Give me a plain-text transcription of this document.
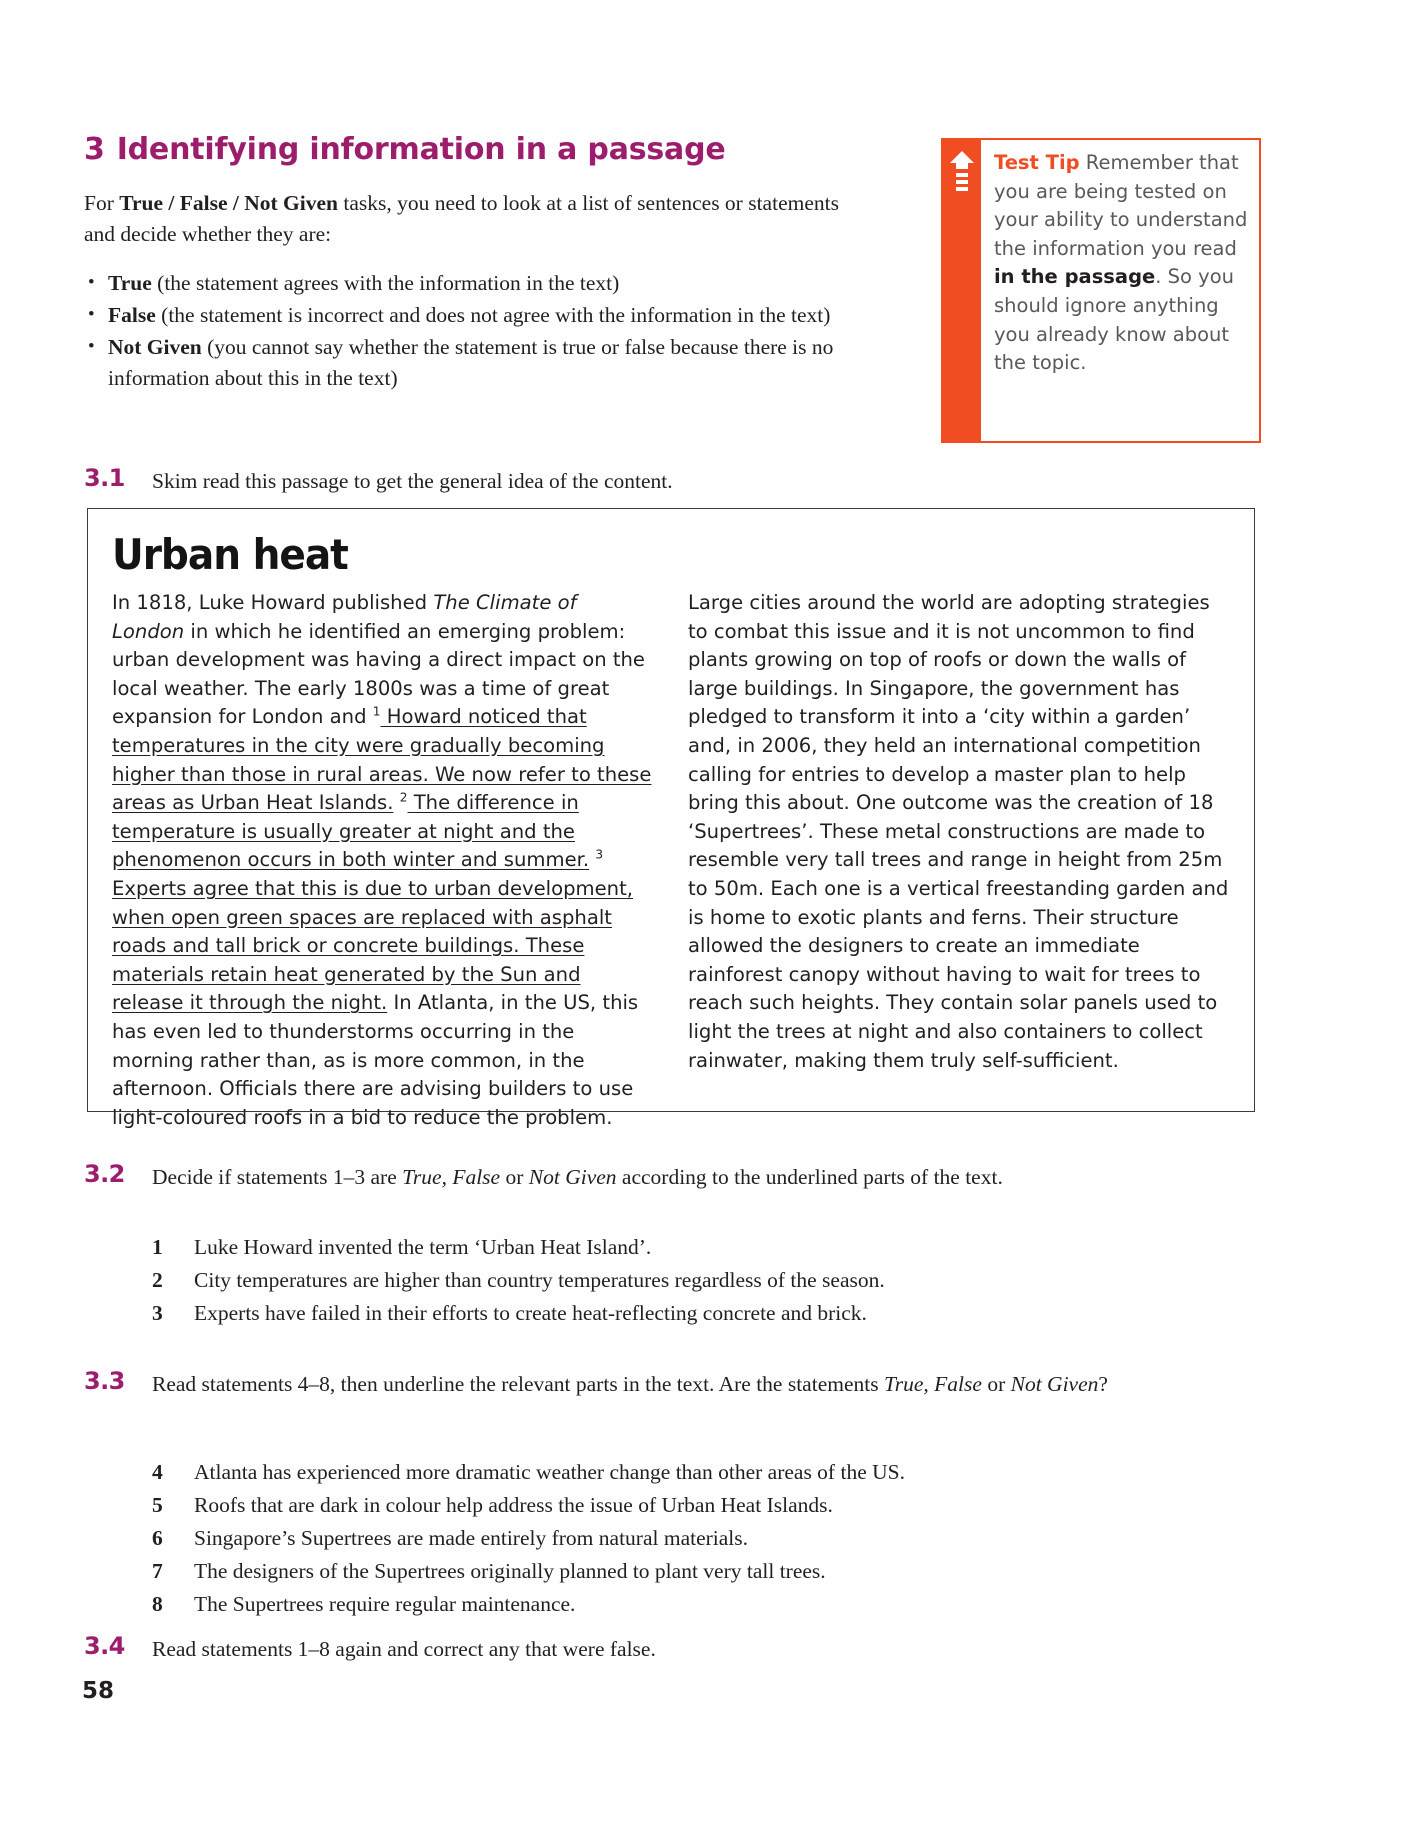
3 Identifying information in a passage
For True / False / Not Given tasks, you need to look at a list of sentences or statements and decide whether they are:
• True (the statement agrees with the information in the text)
• False (the statement is incorrect and does not agree with the information in the text)
• Not Given (you cannot say whether the statement is true or false because there is no information about this in the text)
Test Tip Remember that you are being tested on your ability to understand the information you read in the passage. So you should ignore anything you already know about the topic.
3.1 Skim read this passage to get the general idea of the content.
Urban heat

In 1818, Luke Howard published The Climate of London in which he identified an emerging problem: urban development was having a direct impact on the local weather. The early 1800s was a time of great expansion for London and $^1$ Howard noticed that temperatures in the city were gradually becoming higher than those in rural areas. We now refer to these areas as Urban Heat Islands. $^2$ The difference in temperature is usually greater at night and the phenomenon occurs in both winter and summer. $^3$ Experts agree that this is due to urban development, when open green spaces are replaced with asphalt roads and tall brick or concrete buildings. These materials retain heat generated by the Sun and release it through the night. In Atlanta, in the US, this has even led to thunderstorms occurring in the morning rather than, as is more common, in the afternoon. Officials there are advising builders to use light-coloured roofs in a bid to reduce the problem.

Large cities around the world are adopting strategies to combat this issue and it is not uncommon to find plants growing on top of roofs or down the walls of large buildings. In Singapore, the government has pledged to transform it into a ‘city within a garden’ and, in 2006, they held an international competition calling for entries to develop a master plan to help bring this about. One outcome was the creation of 18 ‘Supertrees’. These metal constructions are made to resemble very tall trees and range in height from 25m to 50m. Each one is a vertical freestanding garden and is home to exotic plants and ferns. Their structure allowed the designers to create an immediate rainforest canopy without having to wait for trees to reach such heights. They contain solar panels used to light the trees at night and also containers to collect rainwater, making them truly self-sufficient.

3.2 Decide if statements 1–3 are True, False or Not Given according to the underlined parts of the text.
1 Luke Howard invented the term ‘Urban Heat Island’.
2 City temperatures are higher than country temperatures regardless of the season.
3 Experts have failed in their efforts to create heat-reflecting concrete and brick.
3.3 Read statements 4–8, then underline the relevant parts in the text. Are the statements True, False or Not Given?
4 Atlanta has experienced more dramatic weather change than other areas of the US.
5 Roofs that are dark in colour help address the issue of Urban Heat Islands.
6 Singapore’s Supertrees are made entirely from natural materials.
7 The designers of the Supertrees originally planned to plant very tall trees.
8 The Supertrees require regular maintenance.
3.4 Read statements 1–8 again and correct any that were false.
58
